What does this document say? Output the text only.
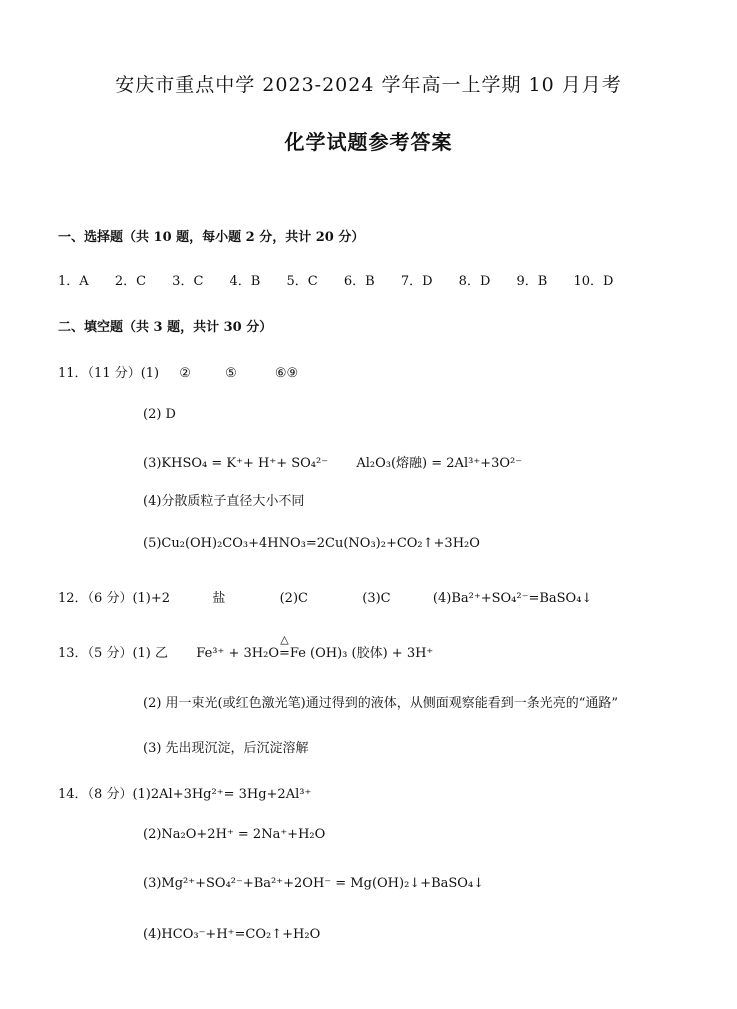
安庆市重点中学 2023-2024 学年高一上学期 10 月月考
化学试题参考答案
一、选择题（共 10 题，每小题 2 分，共计 20 分）
1．A 2．C 3．C 4．B 5．C 6．B 7．D 8．D 9．B 10．D
二、填空题（共 3 题，共计 30 分）
11．（11 分）(1) ②	⑤	⑥⑨
(2) D
(3)KHSO₄ = K⁺+ H⁺+ SO₄²⁻ Al₂O₃(熔融) = 2Al³⁺+3O²⁻
(4)分散质粒子直径大小不同
(5)Cu₂(OH)₂CO₃+4HNO₃=2Cu(NO₃)₂+CO₂↑+3H₂O
12．（6 分）(1)+2	盐	(2)C	(3)C	(4)Ba²⁺+SO₄²⁻=BaSO₄↓
13．（5 分）(1) 乙 Fe³⁺ + 3H₂O
△
=Fe (OH)₃ (胶体) + 3H⁺
(2) 用一束光(或红色激光笔)通过得到的液体，从侧面观察能看到一条光亮的“通路”
(3) 先出现沉淀，后沉淀溶解
14．（8 分）(1)2Al+3Hg²⁺= 3Hg+2Al³⁺
(2)Na₂O+2H⁺ = 2Na⁺+H₂O
(3)Mg²⁺+SO₄²⁻+Ba²⁺+2OH⁻ = Mg(OH)₂↓+BaSO₄↓
(4)HCO₃⁻+H⁺=CO₂↑+H₂O
